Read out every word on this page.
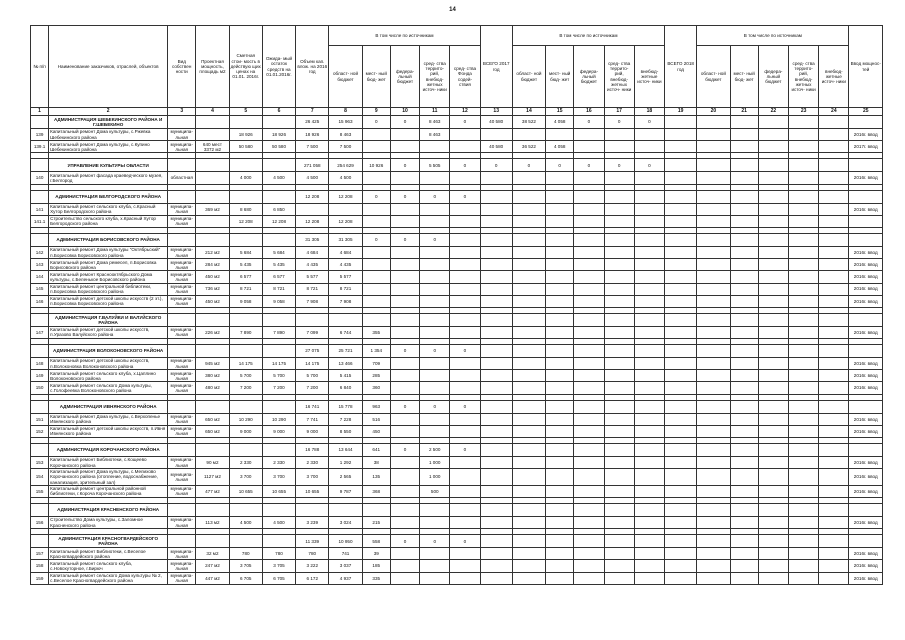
14
№ п/п	Наименование заказчиков, отраслей, объектов	Вид собствен ности	Проектная мощность, площадь м2	Сметная стои- мость в действую щих ценах на 01.01. 2016г.	Ожида- мый остаток средств на 01.01.2016г.	Объем кап. влож. на 2016 год	В том числе по источникам					ВСЕГО 2017 год	В том числе по источникам					ВСЕГО 2018 год	В том числе по источникам					Ввод мощнос- тей
							област- ной бюджет	мест- ный бюд- жет	федера- льный бюджет	сред- ства террито- рий, внебюд- жетных источ- ники	сред- ства Фонда содей- ствия		област- ной бюджет	мест- ный бюд- жет	федера- льный бюджет	сред- ства террито- рий, внебюд- жетных источ- ники	внебюд- жетные источ- ники		област- ной бюджет	мест- ный бюд- жет	федера- льный бюджет	сред- ства террито- рий, внебюд- жетных источ- ники	внебюд- жетные источ- ники	
1	2	3	4	5	6	7	8	9	10	11	12	13	14	15	16	17	18	19	20	21	22	23	24	25
	АДМИНИСТРАЦИЯ ШЕБЕКИНСКОГО РАЙОНА И Г.ШЕБЕКИНО					26 425	15 963	0	0	8 463	0	40 580	38 522	4 058	0	0	0							
139	Капитальный ремонт Дома культуры, с.Ржевка Шебекинского района	муниципа- льная		18 926	18 926	18 926	8 463			8 463														2016г. ввод
139.1	Капитальный ремонт Дома культуры, с.Купино Шебекинского района	муниципа- льная	640 мест 3372 м2	50 580	50 580	7 500	7 500					40 580	36 522	4 058										2017г. ввод

	УПРАВЛЕНИЕ КУЛЬТУРЫ ОБЛАСТИ					271 058	254 629	10 926	0	5 505	0	0	0	0	0	0	0							
140	Капитальный ремонт фасада краеведческого музея, г.Белгород	областная		4 000	4 500	4 500	4 500																	2016г. ввод

	АДМИНИСТРАЦИЯ БЕЛГОРОДСКОГО РАЙОНА					12 208	12 208	0	0	0	0													
141	Капитальный ремонт сельского клуба, с.Красный Хутор Белгородского района	муниципа- льная	369 м2	8 680	6 850																			2016г. ввод
141.1	Строительство сельского клуба, х.Красный Хутор Белгородского района	муниципа- льная		12 208	12 208	12 208	12 208																	

	АДМИНИСТРАЦИЯ БОРИСОВСКОГО РАЙОНА					31 305	31 305	0	0	0														
142	Капитальный ремонт Дома культуры "Октябрьский" п.Борисовка Борисовского района	муниципа- льная	212 м2	5 684	5 684	4 684	4 684																	2016г. ввод
143	Капитальный ремонт Дома ремесел, п.Борисовка Борисовского района	муниципа- льная	284 м2	5 435	5 435	4 435	4 435																	2016г. ввод
144	Капитальный ремонт Краснооктябрьского Дома культуры, с.Беленькое Борисовского района	муниципа- льная	450 м2	6 577	6 577	5 577	5 577																	2016г. ввод
145	Капитальный ремонт центральной библиотеки, п.Борисовка Борисовского района	муниципа- льная	736 м2	8 721	8 721	8 721	8 721																	2016г. ввод
146	Капитальный ремонт детской школы искусств (2 эт.), п.Борисовка Борисовского района	муниципа- льная	450 м2	9 058	9 058	7 908	7 908																	2016г. ввод

	АДМИНИСТРАЦИЯ Г.ВАЛУЙКИ И ВАЛУЙСКОГО РАЙОНА																							
147	Капитальный ремонт детской школы искусств, п.Уразово Валуйского района	муниципа- льная	226 м2	7 890	7 890	7 099	6 744	355																2016г. ввод

	АДМИНИСТРАЦИЯ ВОЛОКОНОВСКОГО РАЙОНА					27 075	25 721	1 354	0	0	0													
148	Капитальный ремонт детской школы искусств, п.Волоконовка Волоконовского района	муниципа- льная	945 м2	14 175	14 175	14 175	13 466	709																2016г. ввод
149	Капитальный ремонт сельского клуба, х.Цаплино Волоконовского района	муниципа- льная	380 м2	5 700	5 700	5 700	5 415	285																2016г. ввод
150	Капитальный ремонт сельского Дома культуры, с.Голофеевка Волоконовского района	муниципа- льная	480 м2	7 200	7 200	7 200	6 840	360																2016г. ввод

	АДМИНИСТРАЦИЯ ИВНЯНСКОГО РАЙОНА					16 741	15 778	963	0	0	0													
151	Капитальный ремонт Дома культуры, с.Верхопенье Ивнянского района	муниципа- льная	650 м2	10 290	10 290	7 741	7 228	516																2016г. ввод
152	Капитальный ремонт детской школы искусств, п.Ивня Ивнянского района	муниципа- льная	650 м2	9 000	9 000	9 000	8 550	450																2016г. ввод

	АДМИНИСТРАЦИЯ КОРОЧАНСКОГО РАЙОНА					16 788	13 644	641	0	2 500	0													
153	Капитальный ремонт Библиотеки, с.Кощеево Корочанского района	муниципа- льная	90 м2	2 330	2 330	2 330	1 292	38		1 000														2016г. ввод
154	Капитальный ремонт Дома культуры, с.Мелихово Корочанского района (отопление, водоснабжение, канализация, зрительный зал)	муниципа- льная	1127 м2	3 700	3 700	3 700	2 565	135		1 000														2016г. ввод
155	Капитальный ремонт центральной районной библиотеки, г.Короча Корочанского района	муниципа- льная	477 м2	10 655	10 655	10 655	9 787	368		500														2016г. ввод

	АДМИНИСТРАЦИЯ КРАСНЕНСКОГО РАЙОНА																							
156	Строительство Дома культуры, с.Заломное Красненского района	муниципа- льная	113 м2	4 500	4 500	3 239	3 024	215																2016г. ввод

	АДМИНИСТРАЦИЯ КРАСНОГВАРДЕЙСКОГО РАЙОНА					11 339	10 950	558	0	0	0													
157	Капитальный ремонт Библиотеки, с.Веселое Красногвардейского района	муниципа- льная	32 м2	780	780	780	741	39																2016г. ввод
158	Капитальный ремонт сельского клуба, с.Новохуторное, г.Бирюч	муниципа- льная	247 м2	3 705	3 705	3 222	3 037	185																2016г. ввод
159	Капитальный ремонт сельского Дома культуры № 2, с.Веселое Красногвардейского района	муниципа- льная	447 м2	6 705	6 705	6 172	4 937	335																2016г. ввод
